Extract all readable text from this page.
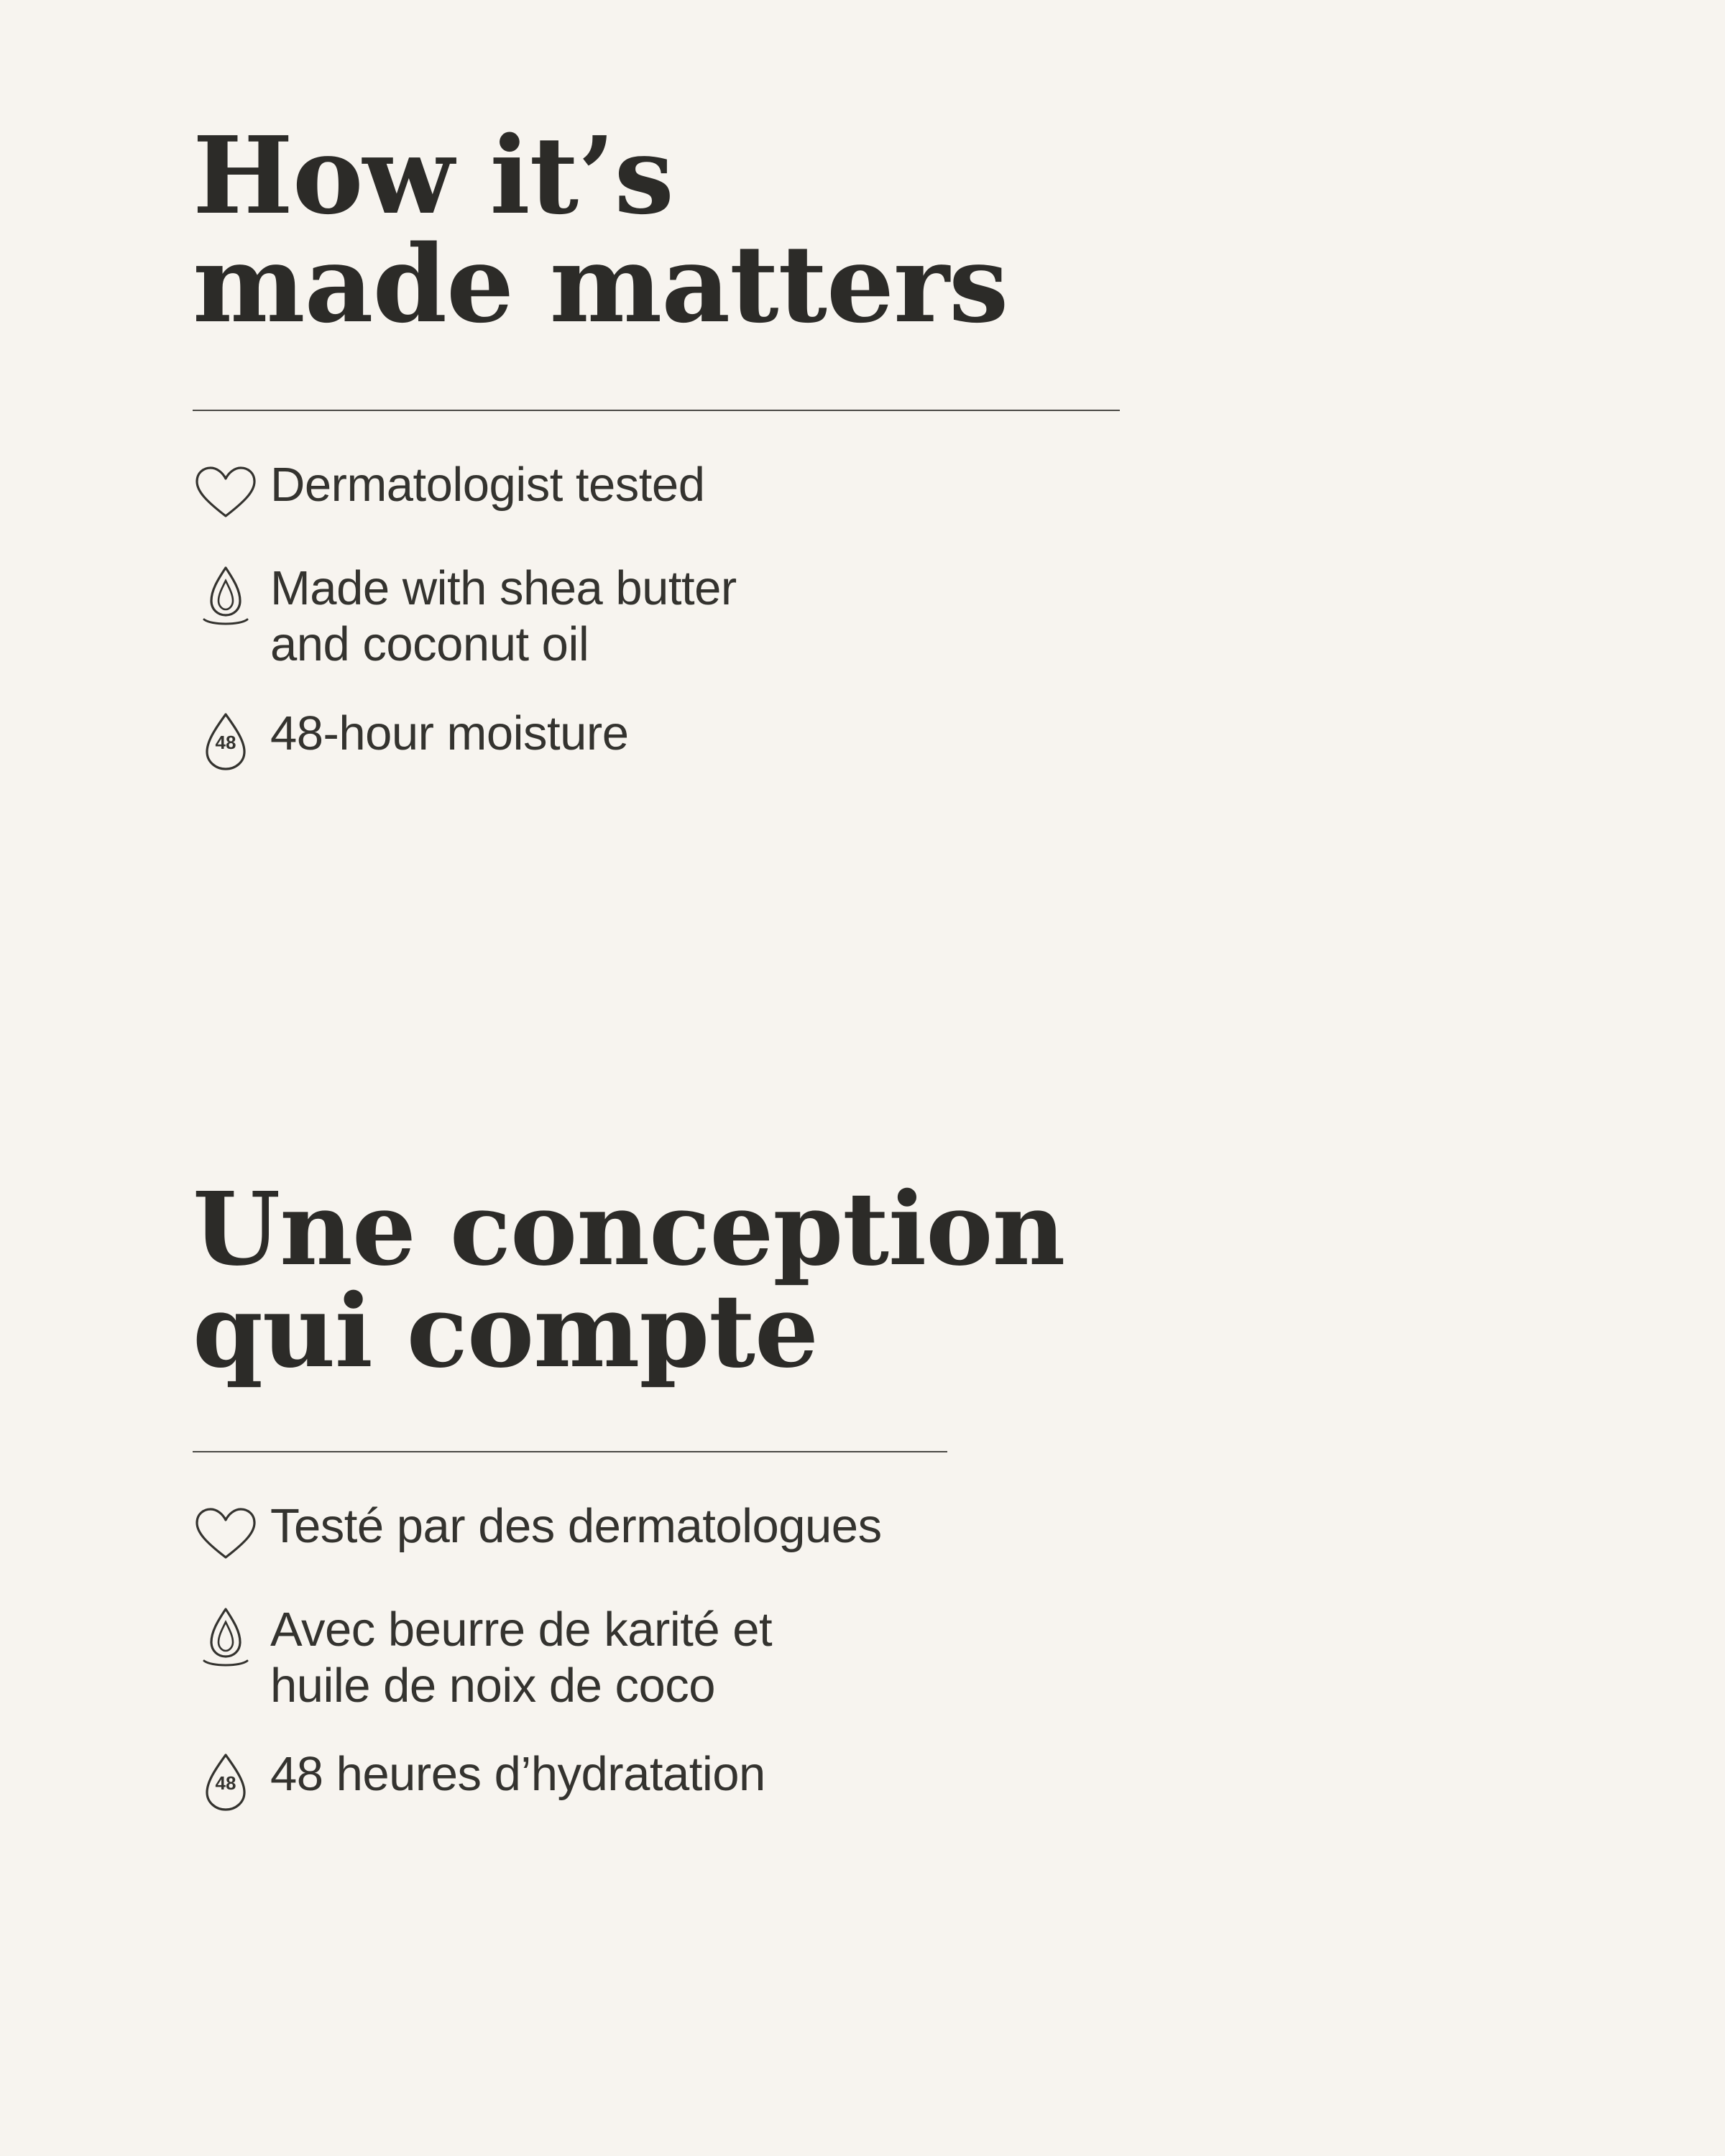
How it’s
made matters
Dermatologist tested
Made with shea butter
and coconut oil
48 48-hour moisture
Une conception
qui compte
Testé par des dermatologues
Avec beurre de karité et
huile de noix de coco
48 48 heures d’hydratation
